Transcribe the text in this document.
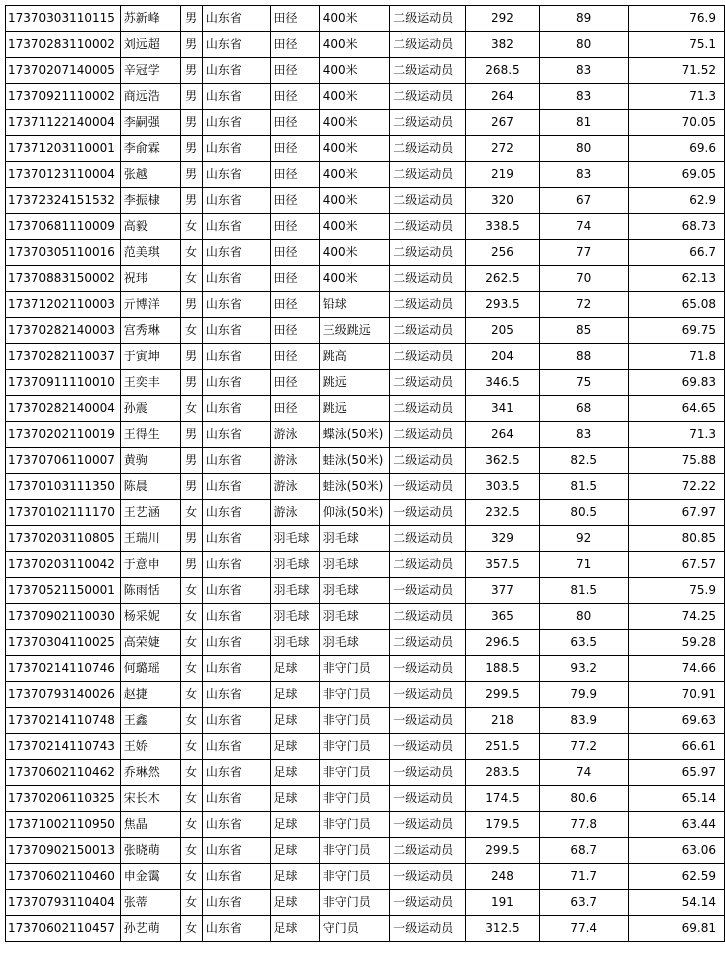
17370303110115	苏新峰	男	山东省	田径	400米	二级运动员	292	89	76.9
17370283110002	刘远超	男	山东省	田径	400米	二级运动员	382	80	75.1
17370207140005	辛冠学	男	山东省	田径	400米	二级运动员	268.5	83	71.52
17370921110002	商远浩	男	山东省	田径	400米	二级运动员	264	83	71.3
17371122140004	李嗣强	男	山东省	田径	400米	二级运动员	267	81	70.05
17371203110001	李俞霖	男	山东省	田径	400米	二级运动员	272	80	69.6
17370123110004	张越	男	山东省	田径	400米	二级运动员	219	83	69.05
17372324151532	李振棣	男	山东省	田径	400米	二级运动员	320	67	62.9
17370681110009	高毅	女	山东省	田径	400米	二级运动员	338.5	74	68.73
17370305110016	范美琪	女	山东省	田径	400米	二级运动员	256	77	66.7
17370883150002	祝玮	女	山东省	田径	400米	二级运动员	262.5	70	62.13
17371202110003	亓博洋	男	山东省	田径	铅球	二级运动员	293.5	72	65.08
17370282140003	宫秀琳	女	山东省	田径	三级跳远	二级运动员	205	85	69.75
17370282110037	于寅坤	男	山东省	田径	跳高	二级运动员	204	88	71.8
17370911110010	王奕丰	男	山东省	田径	跳远	二级运动员	346.5	75	69.83
17370282140004	孙震	女	山东省	田径	跳远	二级运动员	341	68	64.65
17370202110019	王得生	男	山东省	游泳	蝶泳(50米)	二级运动员	264	83	71.3
17370706110007	黄驹	男	山东省	游泳	蛙泳(50米)	二级运动员	362.5	82.5	75.88
17370103111350	陈晨	男	山东省	游泳	蛙泳(50米)	一级运动员	303.5	81.5	72.22
17370102111170	王艺涵	女	山东省	游泳	仰泳(50米)	一级运动员	232.5	80.5	67.97
17370203110805	王瑞川	男	山东省	羽毛球	羽毛球	二级运动员	329	92	80.85
17370203110042	于意申	男	山东省	羽毛球	羽毛球	二级运动员	357.5	71	67.57
17370521150001	陈雨恬	女	山东省	羽毛球	羽毛球	一级运动员	377	81.5	75.9
17370902110030	杨采妮	女	山东省	羽毛球	羽毛球	二级运动员	365	80	74.25
17370304110025	高荣婕	女	山东省	羽毛球	羽毛球	二级运动员	296.5	63.5	59.28
17370214110746	何璐瑶	女	山东省	足球	非守门员	一级运动员	188.5	93.2	74.66
17370793140026	赵捷	女	山东省	足球	非守门员	一级运动员	299.5	79.9	70.91
17370214110748	王鑫	女	山东省	足球	非守门员	一级运动员	218	83.9	69.63
17370214110743	王娇	女	山东省	足球	非守门员	一级运动员	251.5	77.2	66.61
17370602110462	乔琳然	女	山东省	足球	非守门员	一级运动员	283.5	74	65.97
17370206110325	宋长木	女	山东省	足球	非守门员	一级运动员	174.5	80.6	65.14
17371002110950	焦晶	女	山东省	足球	非守门员	一级运动员	179.5	77.8	63.44
17370902150013	张晓萌	女	山东省	足球	非守门员	二级运动员	299.5	68.7	63.06
17370602110460	申金霭	女	山东省	足球	非守门员	一级运动员	248	71.7	62.59
17370793110404	张蒂	女	山东省	足球	非守门员	一级运动员	191	63.7	54.14
17370602110457	孙艺萌	女	山东省	足球	守门员	一级运动员	312.5	77.4	69.81
